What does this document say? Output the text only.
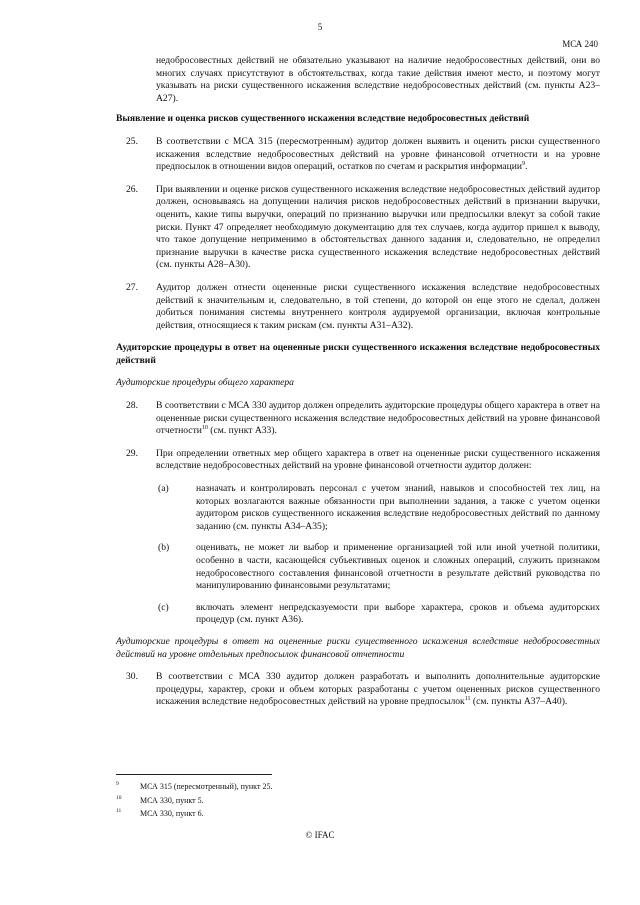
5
МСА 240

недобросовестных действий не обязательно указывают на наличие недобросовестных действий, они во многих случаях присутствуют в обстоятельствах, когда такие действия имеют место, и поэтому могут указывать на риски существенного искажения вследствие недобросовестных действий (см. пункты А23–А27).

Выявление и оценка рисков существенного искажения вследствие недобросовестных действий

25. В соответствии с МСА 315 (пересмотренным) аудитор должен выявить и оценить риски существенного искажения вследствие недобросовестных действий на уровне финансовой отчетности и на уровне предпосылок в отношении видов операций, остатков по счетам и раскрытия информации$^9$.

26. При выявлении и оценке рисков существенного искажения вследствие недобросовестных действий аудитор должен, основываясь на допущении наличия рисков недобросовестных действий в признании выручки, оценить, какие типы выручки, операций по признанию выручки или предпосылки влекут за собой такие риски. Пункт 47 определяет необходимую документацию для тех случаев, когда аудитор пришел к выводу, что такое допущение неприменимо в обстоятельствах данного задания и, следовательно, не определил признание выручки в качестве риска существенного искажения вследствие недобросовестных действий (см. пункты А28–А30).

27. Аудитор должен отнести оцененные риски существенного искажения вследствие недобросовестных действий к значительным и, следовательно, в той степени, до которой он еще этого не сделал, должен добиться понимания системы внутреннего контроля аудируемой организации, включая контрольные действия, относящиеся к таким рискам (см. пункты А31–А32).

Аудиторские процедуры в ответ на оцененные риски существенного искажения вследствие недобросовестных действий

Аудиторские процедуры общего характера

28. В соответствии с МСА 330 аудитор должен определить аудиторские процедуры общего характера в ответ на оцененные риски существенного искажения вследствие недобросовестных действий на уровне финансовой отчетности$^{10}$ (см. пункт А33).

29. При определении ответных мер общего характера в ответ на оцененные риски существенного искажения вследствие недобросовестных действий на уровне финансовой отчетности аудитор должен:

(a)	назначать и контролировать персонал с учетом знаний, навыков и способностей тех лиц, на которых возлагаются важные обязанности при выполнении задания, а также с учетом оценки аудитором рисков существенного искажения вследствие недобросовестных действий по данному заданию (см. пункты А34–А35);

(b)	оценивать, не может ли выбор и применение организацией той или иной учетной политики, особенно в части, касающейся субъективных оценок и сложных операций, служить признаком недобросовестного составления финансовой отчетности в результате действий руководства по манипулированию финансовыми результатами;

(c)	включать элемент непредсказуемости при выборе характера, сроков и объема аудиторских процедур (см. пункт А36).

Аудиторские процедуры в ответ на оцененные риски существенного искажения вследствие недобросовестных действий на уровне отдельных предпосылок финансовой отчетности

30. В соответствии с МСА 330 аудитор должен разработать и выполнить дополнительные аудиторские процедуры, характер, сроки и объем которых разработаны с учетом оцененных рисков существенного искажения вследствие недобросовестных действий на уровне предпосылок$^{11}$ (см. пункты А37–А40).

9	МСА 315 (пересмотренный), пункт 25.
10 МСА 330, пункт 5.
11 МСА 330, пункт 6.
© IFAC
